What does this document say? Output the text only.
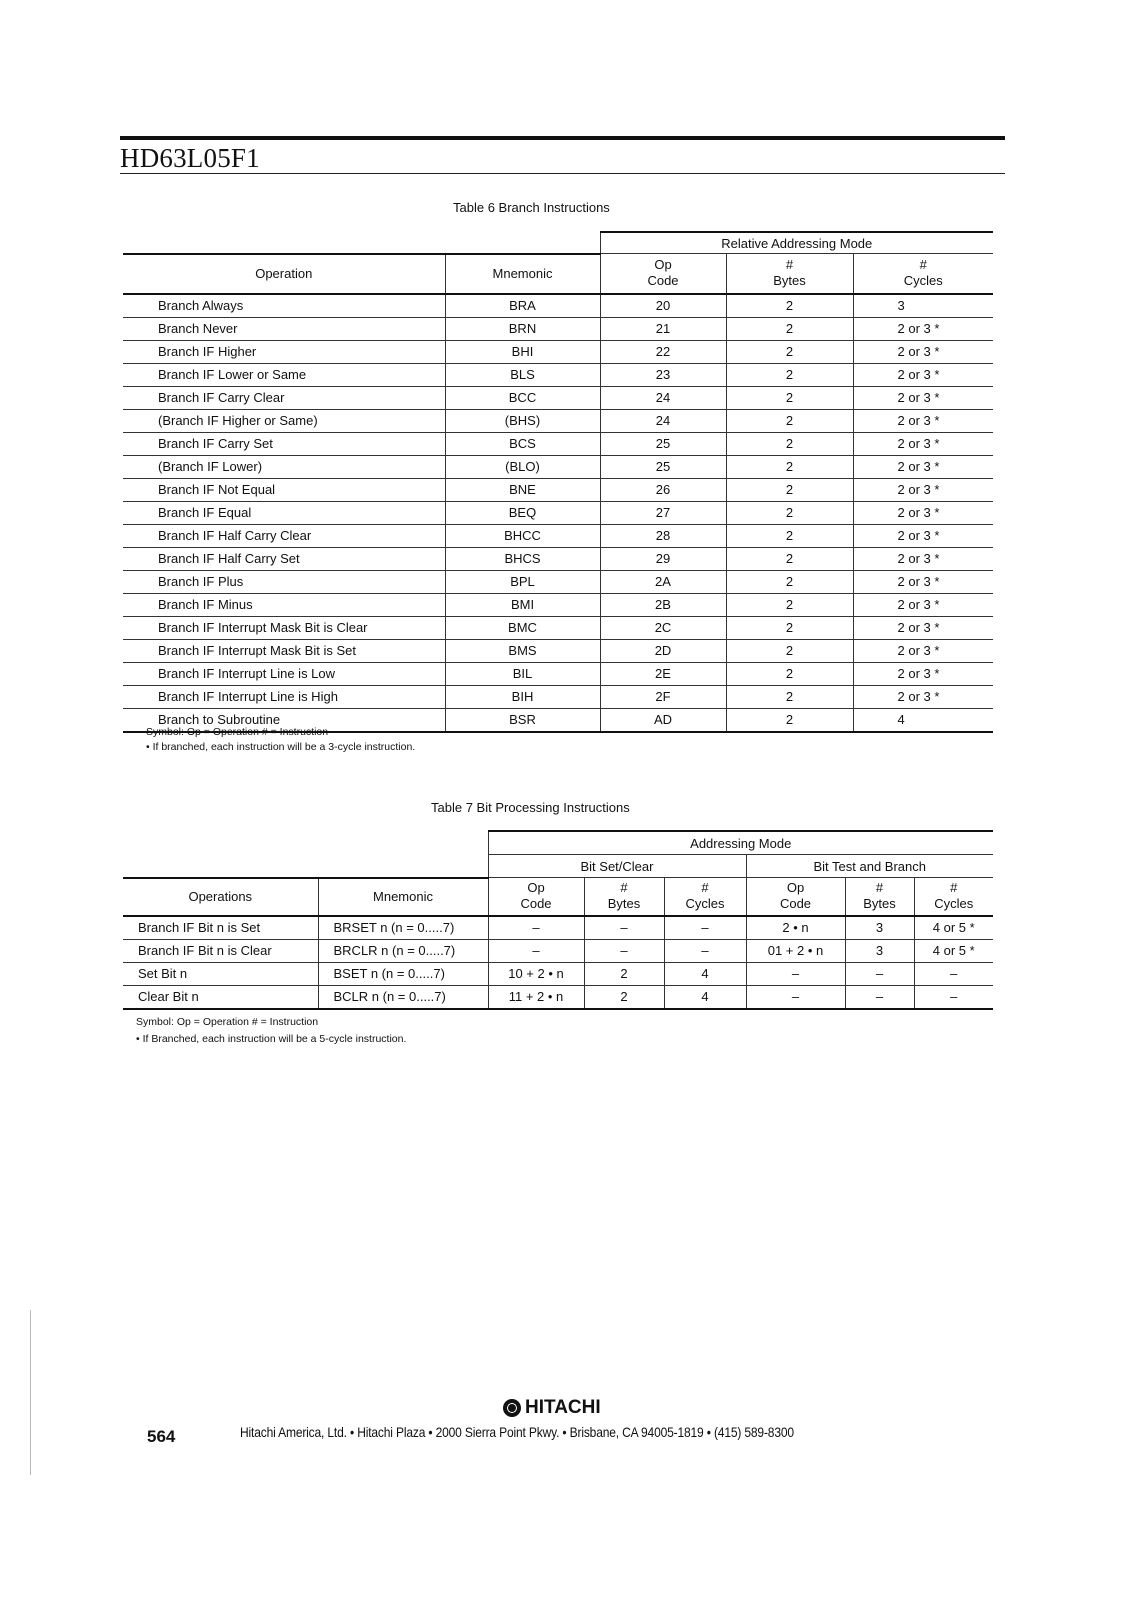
HD63L05F1
Table 6 Branch Instructions
		Relative Addressing Mode		
Operation	Mnemonic	Op
Code	#
Bytes	#
Cycles
Branch Always	BRA	20	2	3
Branch Never	BRN	21	2	2 or 3 *
Branch IF Higher	BHI	22	2	2 or 3 *
Branch IF Lower or Same	BLS	23	2	2 or 3 *
Branch IF Carry Clear	BCC	24	2	2 or 3 *
(Branch IF Higher or Same)	(BHS)	24	2	2 or 3 *
Branch IF Carry Set	BCS	25	2	2 or 3 *
(Branch IF Lower)	(BLO)	25	2	2 or 3 *
Branch IF Not Equal	BNE	26	2	2 or 3 *
Branch IF Equal	BEQ	27	2	2 or 3 *
Branch IF Half Carry Clear	BHCC	28	2	2 or 3 *
Branch IF Half Carry Set	BHCS	29	2	2 or 3 *
Branch IF Plus	BPL	2A	2	2 or 3 *
Branch IF Minus	BMI	2B	2	2 or 3 *
Branch IF Interrupt Mask Bit is Clear	BMC	2C	2	2 or 3 *
Branch IF Interrupt Mask Bit is Set	BMS	2D	2	2 or 3 *
Branch IF Interrupt Line is Low	BIL	2E	2	2 or 3 *
Branch IF Interrupt Line is High	BIH	2F	2	2 or 3 *
Branch to Subroutine	BSR	AD	2	4
Symbol: Op = Operation # = Instruction
• If branched, each instruction will be a 3-cycle instruction.
Table 7 Bit Processing Instructions
		Addressing Mode					
		Bit Set/Clear			Bit Test and Branch		
Operations	Mnemonic	Op
Code	#
Bytes	#
Cycles	Op
Code	#
Bytes	#
Cycles
Branch IF Bit n is Set	BRSET n (n = 0.....7)	–	–	–	2 • n	3	4 or 5 *
Branch IF Bit n is Clear	BRCLR n (n = 0.....7)	–	–	–	01 + 2 • n	3	4 or 5 *
Set Bit n	BSET n (n = 0.....7)	10 + 2 • n	2	4	–	–	–
Clear Bit n	BCLR n (n = 0.....7)	11 + 2 • n	2	4	–	–	–
Symbol: Op = Operation # = Instruction
• If Branched, each instruction will be a 5-cycle instruction.
HITACHI
564	Hitachi America, Ltd. • Hitachi Plaza • 2000 Sierra Point Pkwy. • Brisbane, CA 94005-1819 • (415) 589-8300
